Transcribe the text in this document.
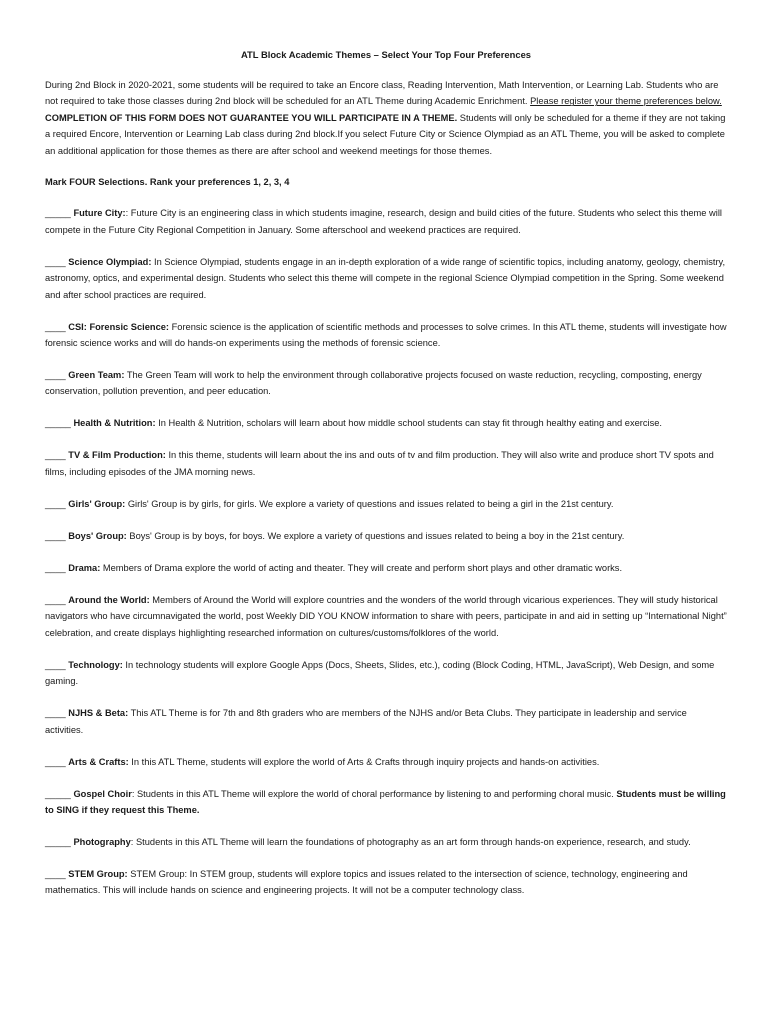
ATL Block Academic Themes – Select Your Top Four Preferences

During 2nd Block in 2020-2021, some students will be required to take an Encore class, Reading Intervention, Math Intervention, or Learning Lab. Students who are not required to take those classes during 2nd block will be scheduled for an ATL Theme during Academic Enrichment. Please register your theme preferences below. COMPLETION OF THIS FORM DOES NOT GUARANTEE YOU WILL PARTICIPATE IN A THEME. Students will only be scheduled for a theme if they are not taking a required Encore, Intervention or Learning Lab class during 2nd block.If you select Future City or Science Olympiad as an ATL Theme, you will be asked to complete an additional application for those themes as there are after school and weekend meetings for those themes.

Mark FOUR Selections. Rank your preferences 1, 2, 3, 4

_____ Future City:: Future City is an engineering class in which students imagine, research, design and build cities of the future. Students who select this theme will compete in the Future City Regional Competition in January. Some afterschool and weekend practices are required.

____ Science Olympiad: In Science Olympiad, students engage in an in-depth exploration of a wide range of scientific topics, including anatomy, geology, chemistry, astronomy, optics, and experimental design. Students who select this theme will compete in the regional Science Olympiad competition in the Spring. Some weekend and after school practices are required.

____ CSI: Forensic Science: Forensic science is the application of scientific methods and processes to solve crimes. In this ATL theme, students will investigate how forensic science works and will do hands-on experiments using the methods of forensic science.

____ Green Team: The Green Team will work to help the environment through collaborative projects focused on waste reduction, recycling, composting, energy conservation, pollution prevention, and peer education.

_____ Health & Nutrition: In Health & Nutrition, scholars will learn about how middle school students can stay fit through healthy eating and exercise.

____ TV & Film Production: In this theme, students will learn about the ins and outs of tv and film production. They will also write and produce short TV spots and films, including episodes of the JMA morning news.

____ Girls' Group: Girls' Group is by girls, for girls. We explore a variety of questions and issues related to being a girl in the 21st century.

____ Boys' Group: Boys' Group is by boys, for boys. We explore a variety of questions and issues related to being a boy in the 21st century.

____ Drama: Members of Drama explore the world of acting and theater. They will create and perform short plays and other dramatic works.

____ Around the World: Members of Around the World will explore countries and the wonders of the world through vicarious experiences. They will study historical navigators who have circumnavigated the world, post Weekly DID YOU KNOW information to share with peers, participate in and aid in setting up “International Night” celebration, and create displays highlighting researched information on cultures/customs/folklores of the world.

____ Technology: In technology students will explore Google Apps (Docs, Sheets, Slides, etc.), coding (Block Coding, HTML, JavaScript), Web Design, and some gaming.

____ NJHS & Beta: This ATL Theme is for 7th and 8th graders who are members of the NJHS and/or Beta Clubs. They participate in leadership and service activities.

____ Arts & Crafts: In this ATL Theme, students will explore the world of Arts & Crafts through inquiry projects and hands-on activities.

_____ Gospel Choir: Students in this ATL Theme will explore the world of choral performance by listening to and performing choral music. Students must be willing to SING if they request this Theme.

_____ Photography: Students in this ATL Theme will learn the foundations of photography as an art form through hands-on experience, research, and study.

____ STEM Group: STEM Group: In STEM group, students will explore topics and issues related to the intersection of science, technology, engineering and mathematics. This will include hands on science and engineering projects. It will not be a computer technology class.
